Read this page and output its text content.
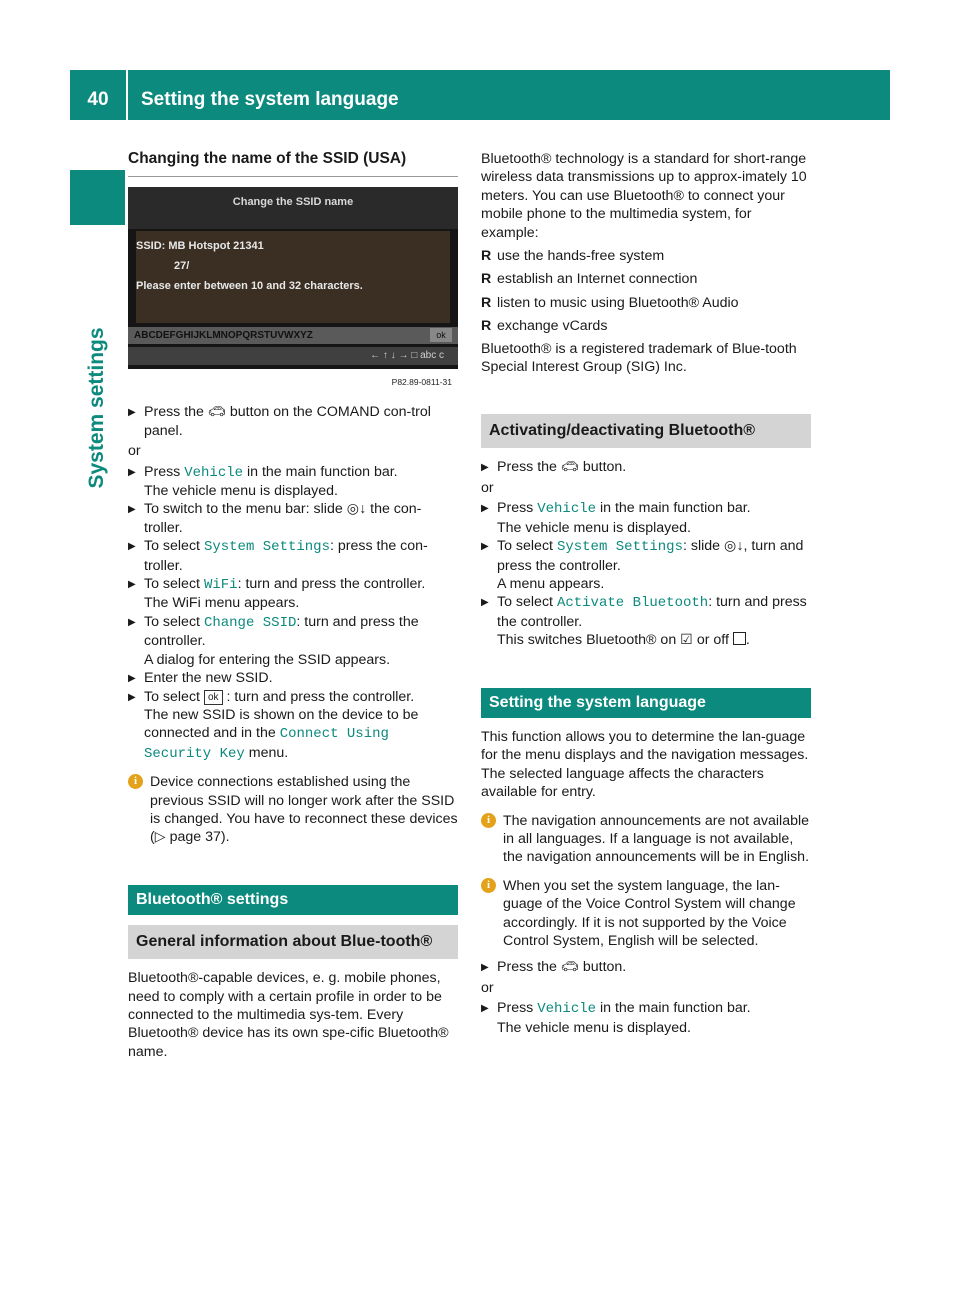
40	Setting the system language
System settings
Changing the name of the SSID (USA)
Change the SSID name
SSID: MB Hotspot 21341
27/
Please enter between 10 and 32 characters.
ABCDEFGHIJKLMNOPQRSTUVWXYZ	ok
← ↑ ↓ → □ abc c
P82.89-0811-31
▶ Press the 🚗︎ button on the COMAND con-trol panel.
or
▶ Press Vehicle in the main function bar.
The vehicle menu is displayed.
▶ To switch to the menu bar: slide ◎↓ the con-troller.
▶ To select System Settings: press the con-troller.
▶ To select WiFi: turn and press the controller.
The WiFi menu appears.
▶ To select Change SSID: turn and press the controller.
A dialog for entering the SSID appears.
▶ Enter the new SSID.
▶ To select ok : turn and press the controller.
The new SSID is shown on the device to be connected and in the Connect Using Security Key menu.
i Device connections established using the previous SSID will no longer work after the SSID is changed. You have to reconnect these devices (▷ page 37).
Bluetooth® settings
General information about Blue-tooth®
Bluetooth®-capable devices, e. g. mobile phones, need to comply with a certain profile in order to be connected to the multimedia sys-tem. Every Bluetooth® device has its own spe-cific Bluetooth® name.
Bluetooth® technology is a standard for short-range wireless data transmissions up to approx-imately 10 meters. You can use Bluetooth® to connect your mobile phone to the multimedia system, for example:
R use the hands-free system
R establish an Internet connection
R listen to music using Bluetooth® Audio
R exchange vCards
Bluetooth® is a registered trademark of Blue-tooth Special Interest Group (SIG) Inc.
Activating/deactivating Bluetooth®
▶ Press the 🚗︎ button.
or
▶ Press Vehicle in the main function bar.
The vehicle menu is displayed.
▶ To select System Settings: slide ◎↓, turn and press the controller.
A menu appears.
▶ To select Activate Bluetooth: turn and press the controller.
This switches Bluetooth® on ☑ or off .
Setting the system language
This function allows you to determine the lan-guage for the menu displays and the navigation messages. The selected language affects the characters available for entry.
i The navigation announcements are not available in all languages. If a language is not available, the navigation announcements will be in English.
i When you set the system language, the lan-guage of the Voice Control System will change accordingly. If it is not supported by the Voice Control System, English will be selected.
▶ Press the 🚗︎ button.
or
▶ Press Vehicle in the main function bar.
The vehicle menu is displayed.
